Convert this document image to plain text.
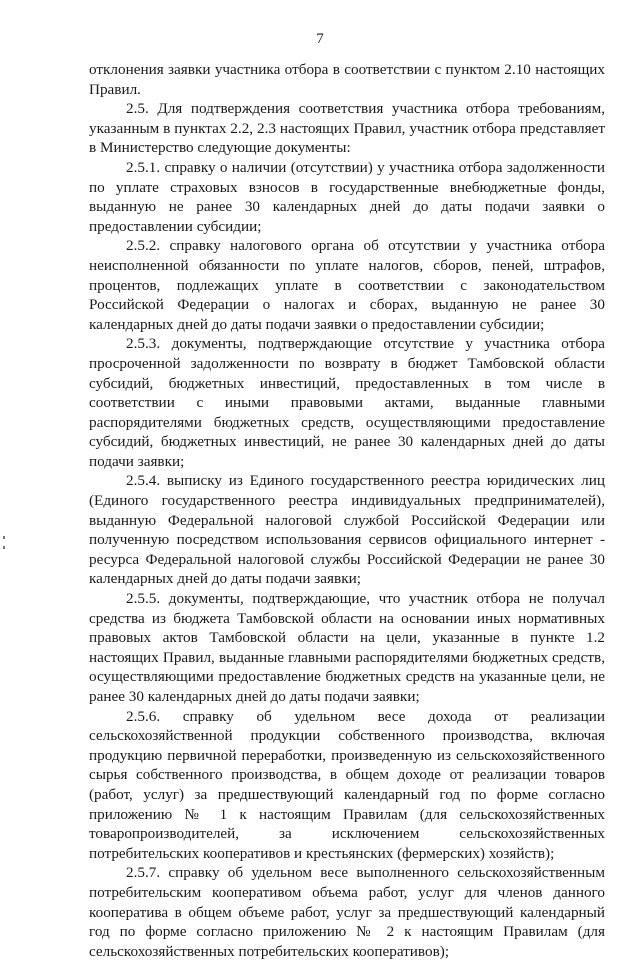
7

отклонения заявки участника отбора в соответствии с пунктом 2.10 настоящих Правил.

2.5. Для подтверждения соответствия участника отбора требованиям, указанным в пунктах 2.2, 2.3 настоящих Правил, участник отбора представляет в Министерство следующие документы:

2.5.1. справку о наличии (отсутствии) у участника отбора задолженности по уплате страховых взносов в государственные внебюджетные фонды, выданную не ранее 30 календарных дней до даты подачи заявки о предоставлении субсидии;

2.5.2. справку налогового органа об отсутствии у участника отбора неисполненной обязанности по уплате налогов, сборов, пеней, штрафов, процентов, подлежащих уплате в соответствии с законодательством Российской Федерации о налогах и сборах, выданную не ранее 30 календарных дней до даты подачи заявки о предоставлении субсидии;

2.5.3. документы, подтверждающие отсутствие у участника отбора просроченной задолженности по возврату в бюджет Тамбовской области субсидий, бюджетных инвестиций, предоставленных в том числе в соответствии с иными правовыми актами, выданные главными распорядителями бюджетных средств, осуществляющими предоставление субсидий, бюджетных инвестиций, не ранее 30 календарных дней до даты подачи заявки;

2.5.4. выписку из Единого государственного реестра юридических лиц (Единого государственного реестра индивидуальных предпринимателей), выданную Федеральной налоговой службой Российской Федерации или полученную посредством использования сервисов официального интернет - ресурса Федеральной налоговой службы Российской Федерации не ранее 30 календарных дней до даты подачи заявки;

2.5.5. документы, подтверждающие, что участник отбора не получал средства из бюджета Тамбовской области на основании иных нормативных правовых актов Тамбовской области на цели, указанные в пункте 1.2 настоящих Правил, выданные главными распорядителями бюджетных средств, осуществляющими предоставление бюджетных средств на указанные цели, не ранее 30 календарных дней до даты подачи заявки;

2.5.6. справку об удельном весе дохода от реализации сельскохозяйственной продукции собственного производства, включая продукцию первичной переработки, произведенную из сельскохозяйственного сырья собственного производства, в общем доходе от реализации товаров (работ, услуг) за предшествующий календарный год по форме согласно приложению № 1 к настоящим Правилам (для сельскохозяйственных товаропроизводителей, за исключением сельскохозяйственных потребительских кооперативов и крестьянских (фермерских) хозяйств);

2.5.7. справку об удельном весе выполненного сельскохозяйственным потребительским кооперативом объема работ, услуг для членов данного кооператива в общем объеме работ, услуг за предшествующий календарный год по форме согласно приложению № 2 к настоящим Правилам (для сельскохозяйственных потребительских кооперативов);
